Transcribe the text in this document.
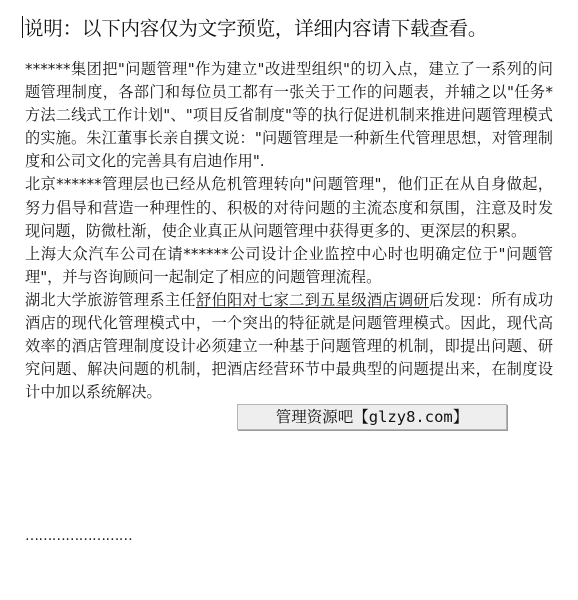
说明：以下内容仅为文字预览，详细内容请下载查看。

******集团把"问题管理"作为建立"改进型组织"的切入点，建立了一系列的问题管理制度，各部门和每位员工都有一张关于工作的问题表，并辅之以"任务*方法二线式工作计划"、"项目反省制度"等的执行促进机制来推进问题管理模式的实施。朱江董事长亲自撰文说："问题管理是一种新生代管理思想，对管理制度和公司文化的完善具有启迪作用".

北京******管理层也已经从危机管理转向"问题管理"，他们正在从自身做起，努力倡导和营造一种理性的、积极的对待问题的主流态度和氛围，注意及时发现问题，防微杜渐，使企业真正从问题管理中获得更多的、更深层的积累。

上海大众汽车公司在请******公司设计企业监控中心时也明确定位于"问题管理"，并与咨询顾问一起制定了相应的问题管理流程。

湖北大学旅游管理系主任舒伯阳对七家二到五星级酒店调研后发现：所有成功酒店的现代化管理模式中，一个突出的特征就是问题管理模式。因此，现代高效率的酒店管理制度设计必须建立一种基于问题管理的机制，即提出问题、研究问题、解决问题的机制，把酒店经营环节中最典型的问题提出来，在制度设计中加以系统解决。

……………………
管理资源吧【glzy8.com】
